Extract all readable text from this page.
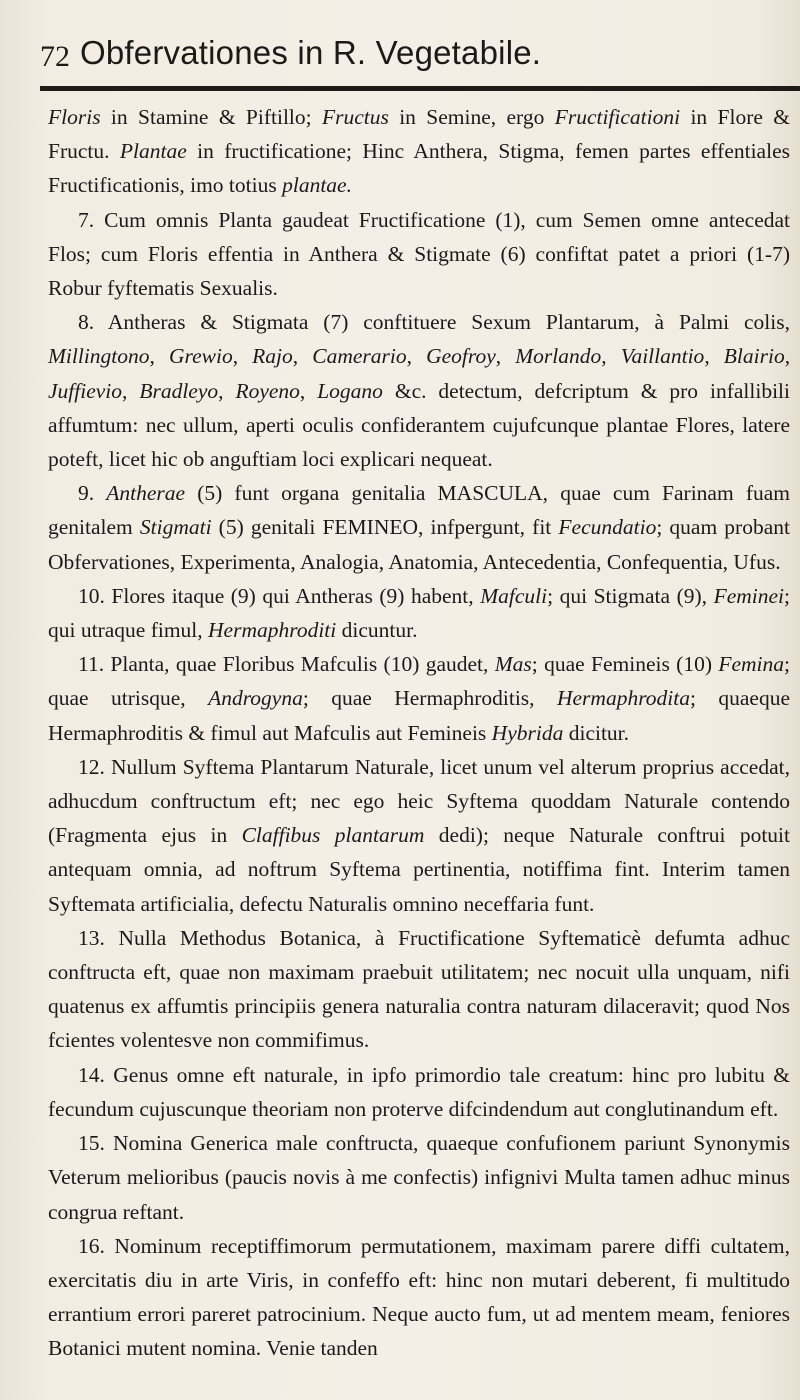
72 Obfervationes in R. Vegetabile.

Floris in Stamine & Piftillo; Fructus in Semine, ergo Fructificationi in Flore & Fructu. Plantae in fructificatione; Hinc Anthera, Stigma, femen partes effentiales Fructificationis, imo totius plantae.

7. Cum omnis Planta gaudeat Fructificatione (1), cum Semen omne antecedat Flos; cum Floris effentia in Anthera & Stigmate (6) confiftat patet a priori (1-7) Robur fyftematis Sexualis.

8. Antheras & Stigmata (7) conftituere Sexum Plantarum, à Palmi colis, Millingtono, Grewio, Rajo, Camerario, Geofroy, Morlando, Vaillantio, Blairio, Juffievio, Bradleyo, Royeno, Logano &c. detectum, defcriptum & pro infallibili affumtum: nec ullum, aperti oculis confiderantem cujufcunque plantae Flores, latere poteft, licet hic ob anguftiam loci explicari nequeat.

9. Antherae (5) funt organa genitalia MASCULA, quae cum Farinam fuam genitalem Stigmati (5) genitali FEMINEO, infpergunt, fit Fecundatio; quam probant Obfervationes, Experimenta, Analogia, Anatomia, Antecedentia, Confequentia, Ufus.

10. Flores itaque (9) qui Antheras (9) habent, Mafculi; qui Stigmata (9), Feminei; qui utraque fimul, Hermaphroditi dicuntur.

11. Planta, quae Floribus Mafculis (10) gaudet, Mas; quae Femineis (10) Femina; quae utrisque, Androgyna; quae Hermaphroditis, Hermaphrodita; quaeque Hermaphroditis & fimul aut Mafculis aut Femineis Hybrida dicitur.

12. Nullum Syftema Plantarum Naturale, licet unum vel alterum proprius accedat, adhucdum conftructum eft; nec ego heic Syftema quoddam Naturale contendo (Fragmenta ejus in Claffibus plantarum dedi); neque Naturale conftrui potuit antequam omnia, ad noftrum Syftema pertinentia, notiffima fint. Interim tamen Syftemata artificialia, defectu Naturalis omnino neceffaria funt.

13. Nulla Methodus Botanica, à Fructificatione Syftematicè defumta adhuc conftructa eft, quae non maximam praebuit utilitatem; nec nocuit ulla unquam, nifi quatenus ex affumtis principiis genera naturalia contra naturam dilaceravit; quod Nos fcientes volentesve non commifimus.

14. Genus omne eft naturale, in ipfo primordio tale creatum: hinc pro lubitu & fecundum cujuscunque theoriam non proterve difcindendum aut conglutinandum eft.

15. Nomina Generica male conftructa, quaeque confufionem pariunt Synonymis Veterum melioribus (paucis novis à me confectis) infignivi Multa tamen adhuc minus congrua reftant.

16. Nominum receptiffimorum permutationem, maximam parere diffi cultatem, exercitatis diu in arte Viris, in confeffo eft: hinc non mutari deberent, fi multitudo errantium errori pareret patrocinium. Neque aucto fum, ut ad mentem meam, feniores Botanici mutent nomina. Venie tanden
